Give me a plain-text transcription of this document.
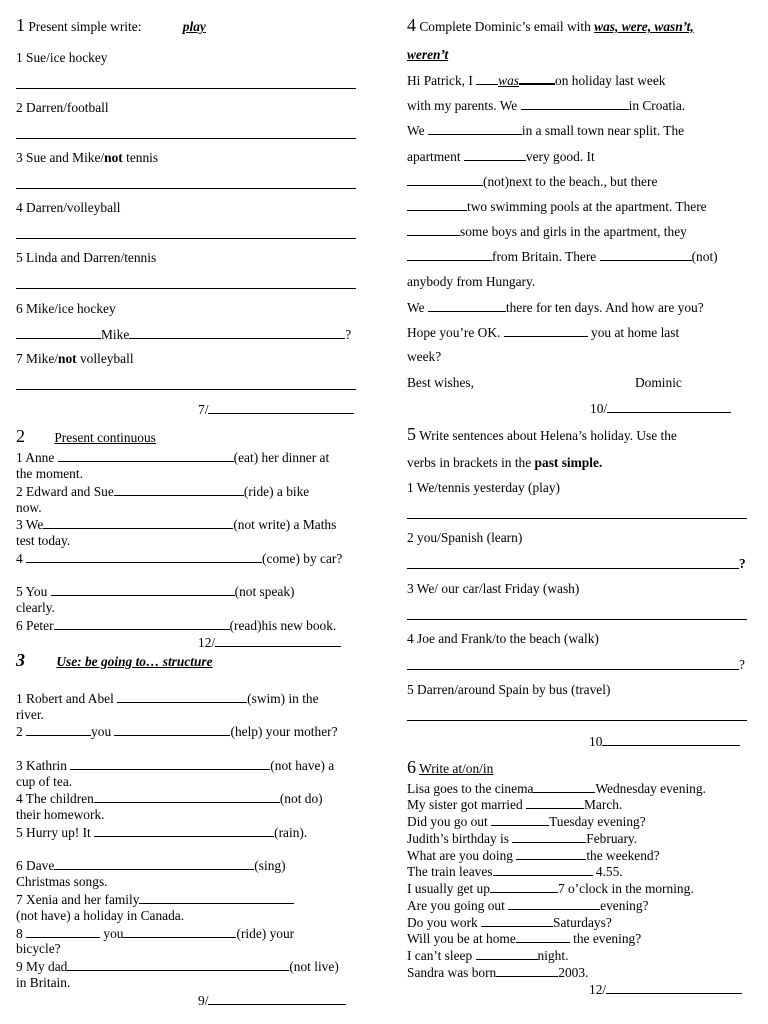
1 Present simple write:	play
1 Sue/ice hockey
2 Darren/football
3 Sue and Mike/not tennis
4 Darren/volleyball
5 Linda and Darren/tennis
6 Mike/ice hockey
Mike	?
7 Mike/not volleyball
7/
2 Present continuous
1 Anne	(eat) her dinner at
the moment.
2 Edward and Sue	(ride) a bike
now.
3 We	(not write) a Maths
test today.
4	(come) by car?
5 You	(not speak)
clearly.
6 Peter	(read)his new book.
12/
3 Use: be going to… structure
1 Robert and Abel	(swim) in the
river.
2	you	(help) your mother?
3 Kathrin	(not have) a
cup of tea.
4 The children	(not do)
their homework.
5 Hurry up! It	(rain).
6 Dave	(sing)
Christmas songs.
7 Xenia and her family
(not have) a holiday in Canada.
8	you	(ride) your
bicycle?
9 My dad	(not live)
in Britain.
9/
4 Complete Dominic’s email with was, were, wasn’t,
weren’t
Hi Patrick, I was	on holiday last week
with my parents. We	in Croatia.
We	in a small town near split. The
apartment	very good. It
(not)next to the beach., but there
two swimming pools at the apartment. There
some boys and girls in the apartment, they
from Britain. There	(not)
anybody from Hungary.
We	there for ten days. And how are you?
Hope you’re OK.	you at home last
week?
Best wishes,	Dominic
10/
5 Write sentences about Helena’s holiday. Use the
verbs in brackets in the past simple.
1 We/tennis yesterday (play)
2 you/Spanish (learn)
?
3 We/ our car/last Friday (wash)
4 Joe and Frank/to the beach (walk)
?
5 Darren/around Spain by bus (travel)
10
6 Write at/on/in
Lisa goes to the cinema	Wednesday evening.
My sister got married	March.
Did you go out	Tuesday evening?
Judith’s birthday is	February.
What are you doing	the weekend?
The train leaves	4.55.
I usually get up	7 o’clock in the morning.
Are you going out	evening?
Do you work	Saturdays?
Will you be at home	the evening?
I can’t sleep	night.
Sandra was born	2003.
12/
